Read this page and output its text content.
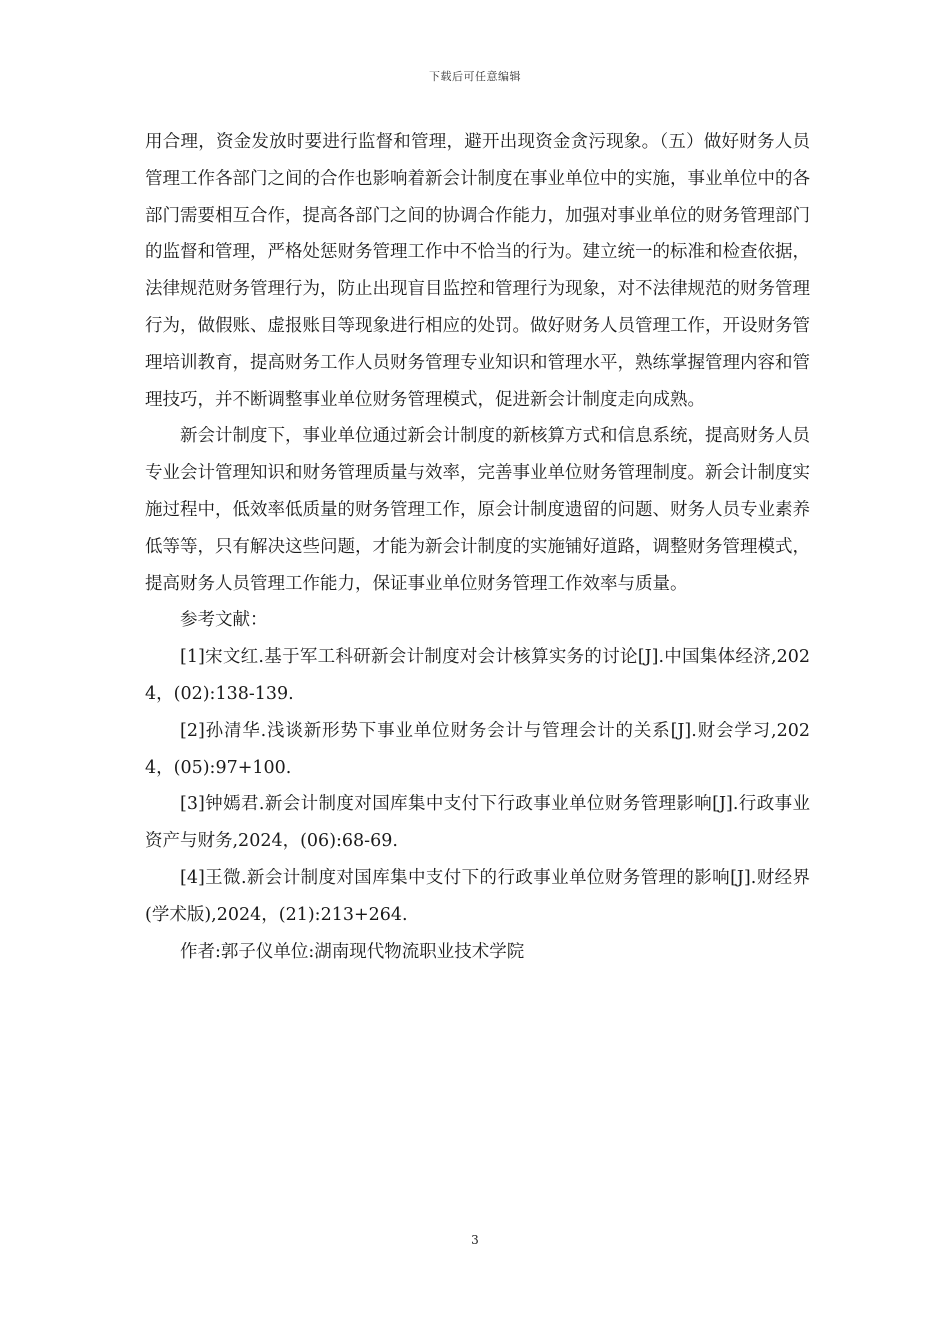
下载后可任意编辑

用合理，资金发放时要进行监督和管理，避开出现资金贪污现象。（五）做好财务人员管理工作各部门之间的合作也影响着新会计制度在事业单位中的实施，事业单位中的各部门需要相互合作，提高各部门之间的协调合作能力，加强对事业单位的财务管理部门的监督和管理，严格处惩财务管理工作中不恰当的行为。建立统一的标准和检查依据，法律规范财务管理行为，防止出现盲目监控和管理行为现象，对不法律规范的财务管理行为，做假账、虚报账目等现象进行相应的处罚。做好财务人员管理工作，开设财务管理培训教育，提高财务工作人员财务管理专业知识和管理水平，熟练掌握管理内容和管理技巧，并不断调整事业单位财务管理模式，促进新会计制度走向成熟。

新会计制度下，事业单位通过新会计制度的新核算方式和信息系统，提高财务人员专业会计管理知识和财务管理质量与效率，完善事业单位财务管理制度。新会计制度实施过程中，低效率低质量的财务管理工作，原会计制度遗留的问题、财务人员专业素养低等等，只有解决这些问题，才能为新会计制度的实施铺好道路，调整财务管理模式，提高财务人员管理工作能力，保证事业单位财务管理工作效率与质量。

参考文献：

[1]宋文红.基于军工科研新会计制度对会计核算实务的讨论[J].中国集体经济,2024，(02):138-139.

[2]孙清华.浅谈新形势下事业单位财务会计与管理会计的关系[J].财会学习,2024，(05):97+100.

[3]钟嫣君.新会计制度对国库集中支付下行政事业单位财务管理影响[J].行政事业资产与财务,2024，(06):68-69.

[4]王微.新会计制度对国库集中支付下的行政事业单位财务管理的影响[J].财经界(学术版),2024，(21):213+264.

作者:郭子仪单位:湖南现代物流职业技术学院

3
